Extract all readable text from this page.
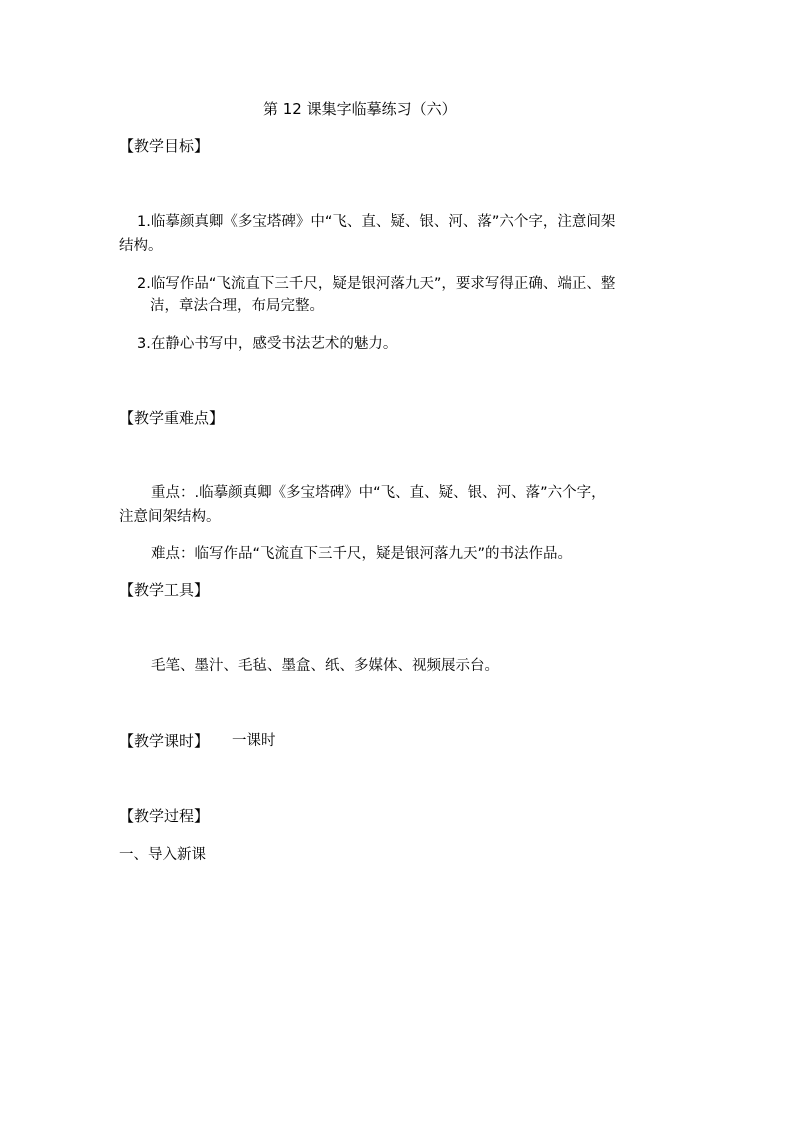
第 12 课集字临摹练习（六）
【教学目标】
1.临摹颜真卿《多宝塔碑》中“飞、直、疑、银、河、落”六个字，注意间架
结构。
2.临写作品“飞流直下三千尺，疑是银河落九天”，要求写得正确、端正、整
洁，章法合理，布局完整。
3.在静心书写中，感受书法艺术的魅力。
【教学重难点】
重点：.临摹颜真卿《多宝塔碑》中“飞、直、疑、银、河、落”六个字，
注意间架结构。
难点：临写作品“飞流直下三千尺，疑是银河落九天”的书法作品。
【教学工具】
毛笔、墨汁、毛毡、墨盒、纸、多媒体、视频展示台。
【教学课时】 一课时
【教学过程】
一、导入新课
